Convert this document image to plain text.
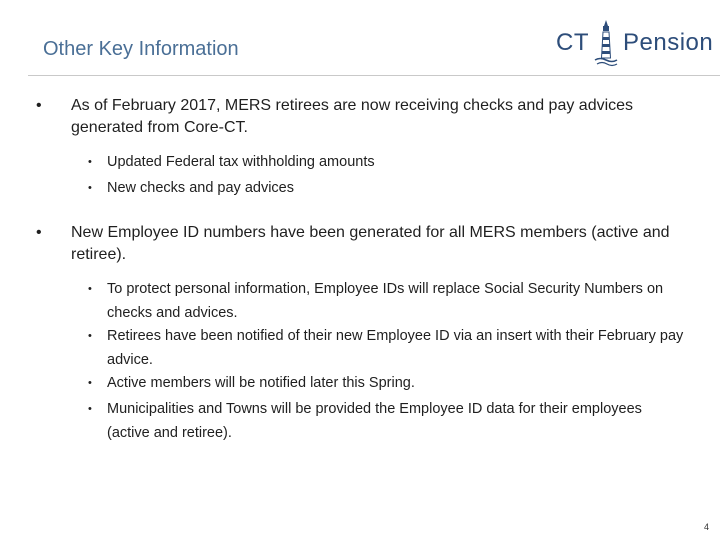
Other Key Information	CT Pension
• As of February 2017, MERS retirees are now receiving checks and pay advices generated from Core-CT.
• Updated Federal tax withholding amounts
• New checks and pay advices
• New Employee ID numbers have been generated for all MERS members (active and retiree).
• To protect personal information, Employee IDs will replace Social Security Numbers on checks and advices.
• Retirees have been notified of their new Employee ID via an insert with their February pay advice.
• Active members will be notified later this Spring.
• Municipalities and Towns will be provided the Employee ID data for their employees (active and retiree).
4
